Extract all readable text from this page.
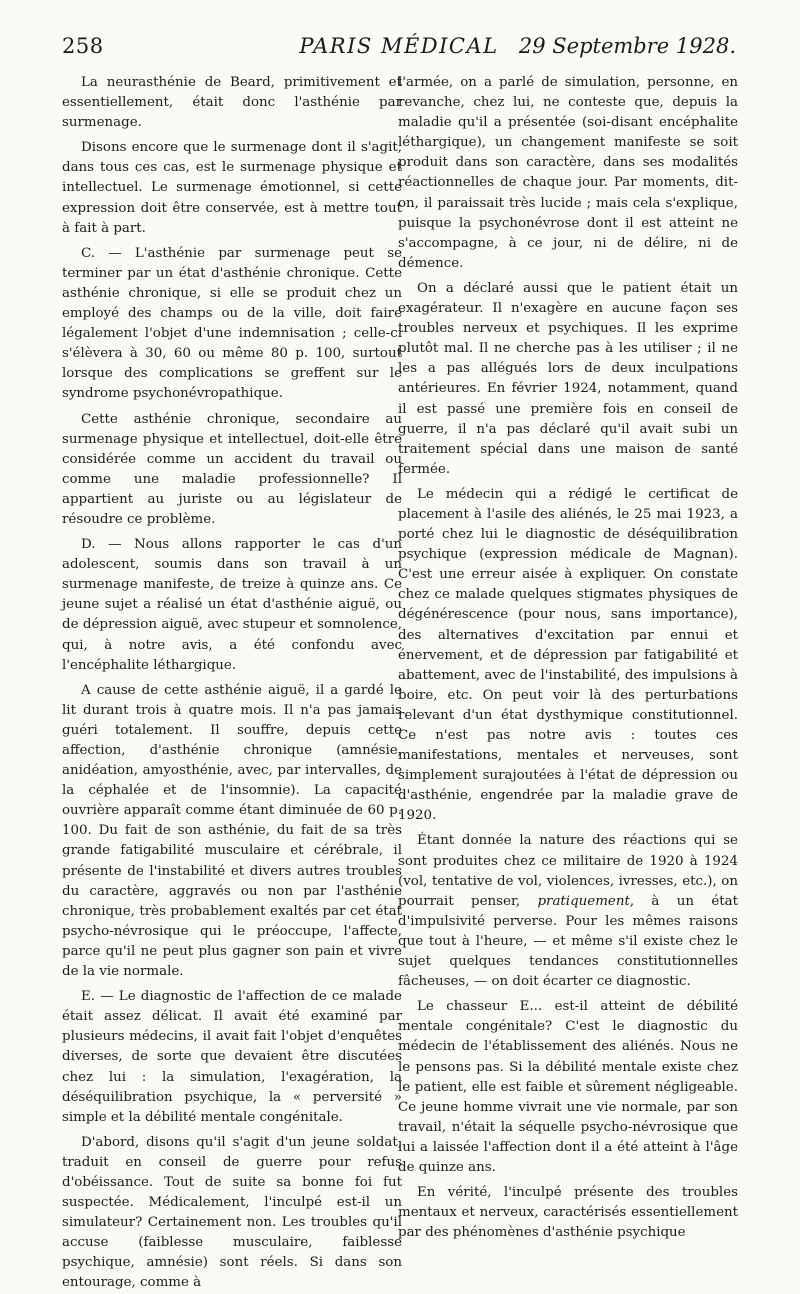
258	PARIS MÉDICAL 29 Septembre 1928.

La neurasthénie de Beard, primitivement et essentiellement, était donc l'asthénie par surmenage.

Disons encore que le surmenage dont il s'agit, dans tous ces cas, est le surmenage physique et intellectuel. Le surmenage émotionnel, si cette expression doit être conservée, est à mettre tout à fait à part.

C. — L'asthénie par surmenage peut se terminer par un état d'asthénie chronique. Cette asthénie chronique, si elle se produit chez un employé des champs ou de la ville, doit faire légalement l'objet d'une indemnisation ; celle-ci s'élèvera à 30, 60 ou même 80 p. 100, surtout lorsque des complications se greffent sur le syndrome psychonévropathique.

Cette asthénie chronique, secondaire au surmenage physique et intellectuel, doit-elle être considérée comme un accident du travail ou comme une maladie professionnelle? Il appartient au juriste ou au législateur de résoudre ce problème.

D. — Nous allons rapporter le cas d'un adolescent, soumis dans son travail à un surmenage manifeste, de treize à quinze ans. Ce jeune sujet a réalisé un état d'asthénie aiguë, ou de dépression aiguë, avec stupeur et somnolence, qui, à notre avis, a été confondu avec l'encéphalite léthargique.

A cause de cette asthénie aiguë, il a gardé le lit durant trois à quatre mois. Il n'a pas jamais guéri totalement. Il souffre, depuis cette affection, d'asthénie chronique (amnésie, anidéation, amyosthénie, avec, par intervalles, de la céphalée et de l'insomnie). La capacité ouvrière apparaît comme étant diminuée de 60 p. 100. Du fait de son asthénie, du fait de sa très grande fatigabilité musculaire et cérébrale, il présente de l'instabilité et divers autres troubles du caractère, aggravés ou non par l'asthénie chronique, très probablement exaltés par cet état psycho-névrosique qui le préoccupe, l'affecte, parce qu'il ne peut plus gagner son pain et vivre de la vie normale.

E. — Le diagnostic de l'affection de ce malade était assez délicat. Il avait été examiné par plusieurs médecins, il avait fait l'objet d'enquêtes diverses, de sorte que devaient être discutées chez lui : la simulation, l'exagération, la déséquilibration psychique, la « perversité » simple et la débilité mentale congénitale.

D'abord, disons qu'il s'agit d'un jeune soldat, traduit en conseil de guerre pour refus d'obéissance. Tout de suite sa bonne foi fut suspectée. Médicalement, l'inculpé est-il un simulateur? Certainement non. Les troubles qu'il accuse (faiblesse musculaire, faiblesse psychique, amnésie) sont réels. Si dans son entourage, comme à

l'armée, on a parlé de simulation, personne, en revanche, chez lui, ne conteste que, depuis la maladie qu'il a présentée (soi-disant encéphalite léthargique), un changement manifeste se soit produit dans son caractère, dans ses modalités réactionnelles de chaque jour. Par moments, dit-on, il paraissait très lucide ; mais cela s'explique, puisque la psychonévrose dont il est atteint ne s'accompagne, à ce jour, ni de délire, ni de démence.

On a déclaré aussi que le patient était un exagérateur. Il n'exagère en aucune façon ses troubles nerveux et psychiques. Il les exprime plutôt mal. Il ne cherche pas à les utiliser ; il ne les a pas allégués lors de deux inculpations antérieures. En février 1924, notamment, quand il est passé une première fois en conseil de guerre, il n'a pas déclaré qu'il avait subi un traitement spécial dans une maison de santé fermée.

Le médecin qui a rédigé le certificat de placement à l'asile des aliénés, le 25 mai 1923, a porté chez lui le diagnostic de déséquilibration psychique (expression médicale de Magnan). C'est une erreur aisée à expliquer. On constate chez ce malade quelques stigmates physiques de dégénérescence (pour nous, sans importance), des alternatives d'excitation par ennui et énervement, et de dépression par fatigabilité et abattement, avec de l'instabilité, des impulsions à boire, etc. On peut voir là des perturbations relevant d'un état dysthymique constitutionnel. Ce n'est pas notre avis : toutes ces manifestations, mentales et nerveuses, sont simplement surajoutées à l'état de dépression ou d'asthénie, engendrée par la maladie grave de 1920.

Étant donnée la nature des réactions qui se sont produites chez ce militaire de 1920 à 1924 (vol, tentative de vol, violences, ivresses, etc.), on pourrait penser, pratiquement, à un état d'impulsivité perverse. Pour les mêmes raisons que tout à l'heure, — et même s'il existe chez le sujet quelques tendances constitutionnelles fâcheuses, — on doit écarter ce diagnostic.

Le chasseur E... est-il atteint de débilité mentale congénitale? C'est le diagnostic du médecin de l'établissement des aliénés. Nous ne le pensons pas. Si la débilité mentale existe chez le patient, elle est faible et sûrement négligeable. Ce jeune homme vivrait une vie normale, par son travail, n'était la séquelle psycho-névrosique que lui a laissée l'affection dont il a été atteint à l'âge de quinze ans.

En vérité, l'inculpé présente des troubles mentaux et nerveux, caractérisés essentiellement par des phénomènes d'asthénie psychique
